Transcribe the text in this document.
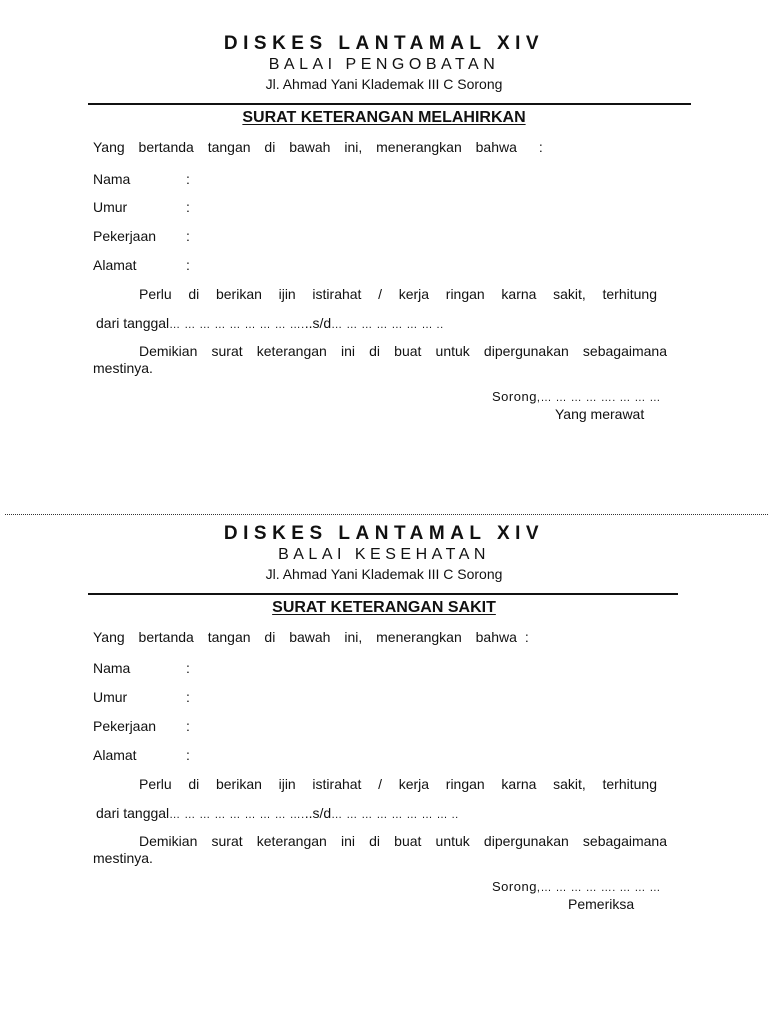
DISKES LANTAMAL XIV
BALAI PENGOBATAN
Jl. Ahmad Yani Klademak III C Sorong
SURAT KETERANGAN MELAHIRKAN
Yang bertanda tangan di bawah ini, menerangkan bahwa :
Nama	:
Umur	:
Pekerjaan :
Alamat	:
Perlu di berikan ijin istirahat / kerja ringan karna sakit, terhitung
dari tanggal… … … … … … … … …...s/d… … … … … … … ..
Demikian surat keterangan ini di buat untuk dipergunakan sebagaimana
mestinya.
Sorong,… … … … …. … … …
Yang merawat
DISKES LANTAMAL XIV
BALAI KESEHATAN
Jl. Ahmad Yani Klademak III C Sorong
SURAT KETERANGAN SAKIT
Yang bertanda tangan di bawah ini, menerangkan bahwa :
Nama	:
Umur	:
Pekerjaan :
Alamat	:
Perlu di berikan ijin istirahat / kerja ringan karna sakit, terhitung
dari tanggal… … … … … … … … …...s/d… … … … … … … … ..
Demikian surat keterangan ini di buat untuk dipergunakan sebagaimana
mestinya.
Sorong,… … … … …. … … …
Pemeriksa
